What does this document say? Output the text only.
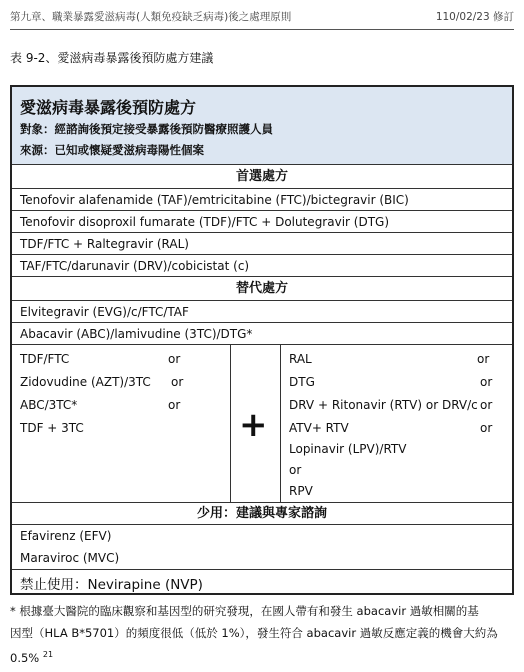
第九章、職業暴露愛滋病毒(人類免疫缺乏病毒)後之處理原則	110/02/23 修訂
表 9-2、愛滋病毒暴露後預防處方建議
愛滋病毒暴露後預防處方
對象：經諮詢後預定接受暴露後預防醫療照護人員
來源：已知或懷疑愛滋病毒陽性個案
首選處方
Tenofovir alafenamide (TAF)/emtricitabine (FTC)/bictegravir (BIC)
Tenofovir disoproxil fumarate (TDF)/FTC + Dolutegravir (DTG)
TDF/FTC + Raltegravir (RAL)
TAF/FTC/darunavir (DRV)/cobicistat (c)
替代處方
Elvitegravir (EVG)/c/FTC/TAF
Abacavir (ABC)/lamivudine (3TC)/DTG*
TDF/FTC
Zidovudine (AZT)/3TC
ABC/3TC*
TDF + 3TC
or
or
or +
RAL
DTG
DRV + Ritonavir (RTV) or DRV/c
ATV+ RTV
Lopinavir (LPV)/RTV
or
RPV
or
or
or
or
少用：建議與專家諮詢
Efavirenz (EFV)
Maraviroc (MVC)
禁止使用：Nevirapine (NVP)
* 根據臺大醫院的臨床觀察和基因型的研究發現，在國人帶有和發生 abacavir 過敏相關的基
因型（HLA B*5701）的頻度很低（低於 1%），發生符合 abacavir 過敏反應定義的機會大約為
0.5% $^{21}$
